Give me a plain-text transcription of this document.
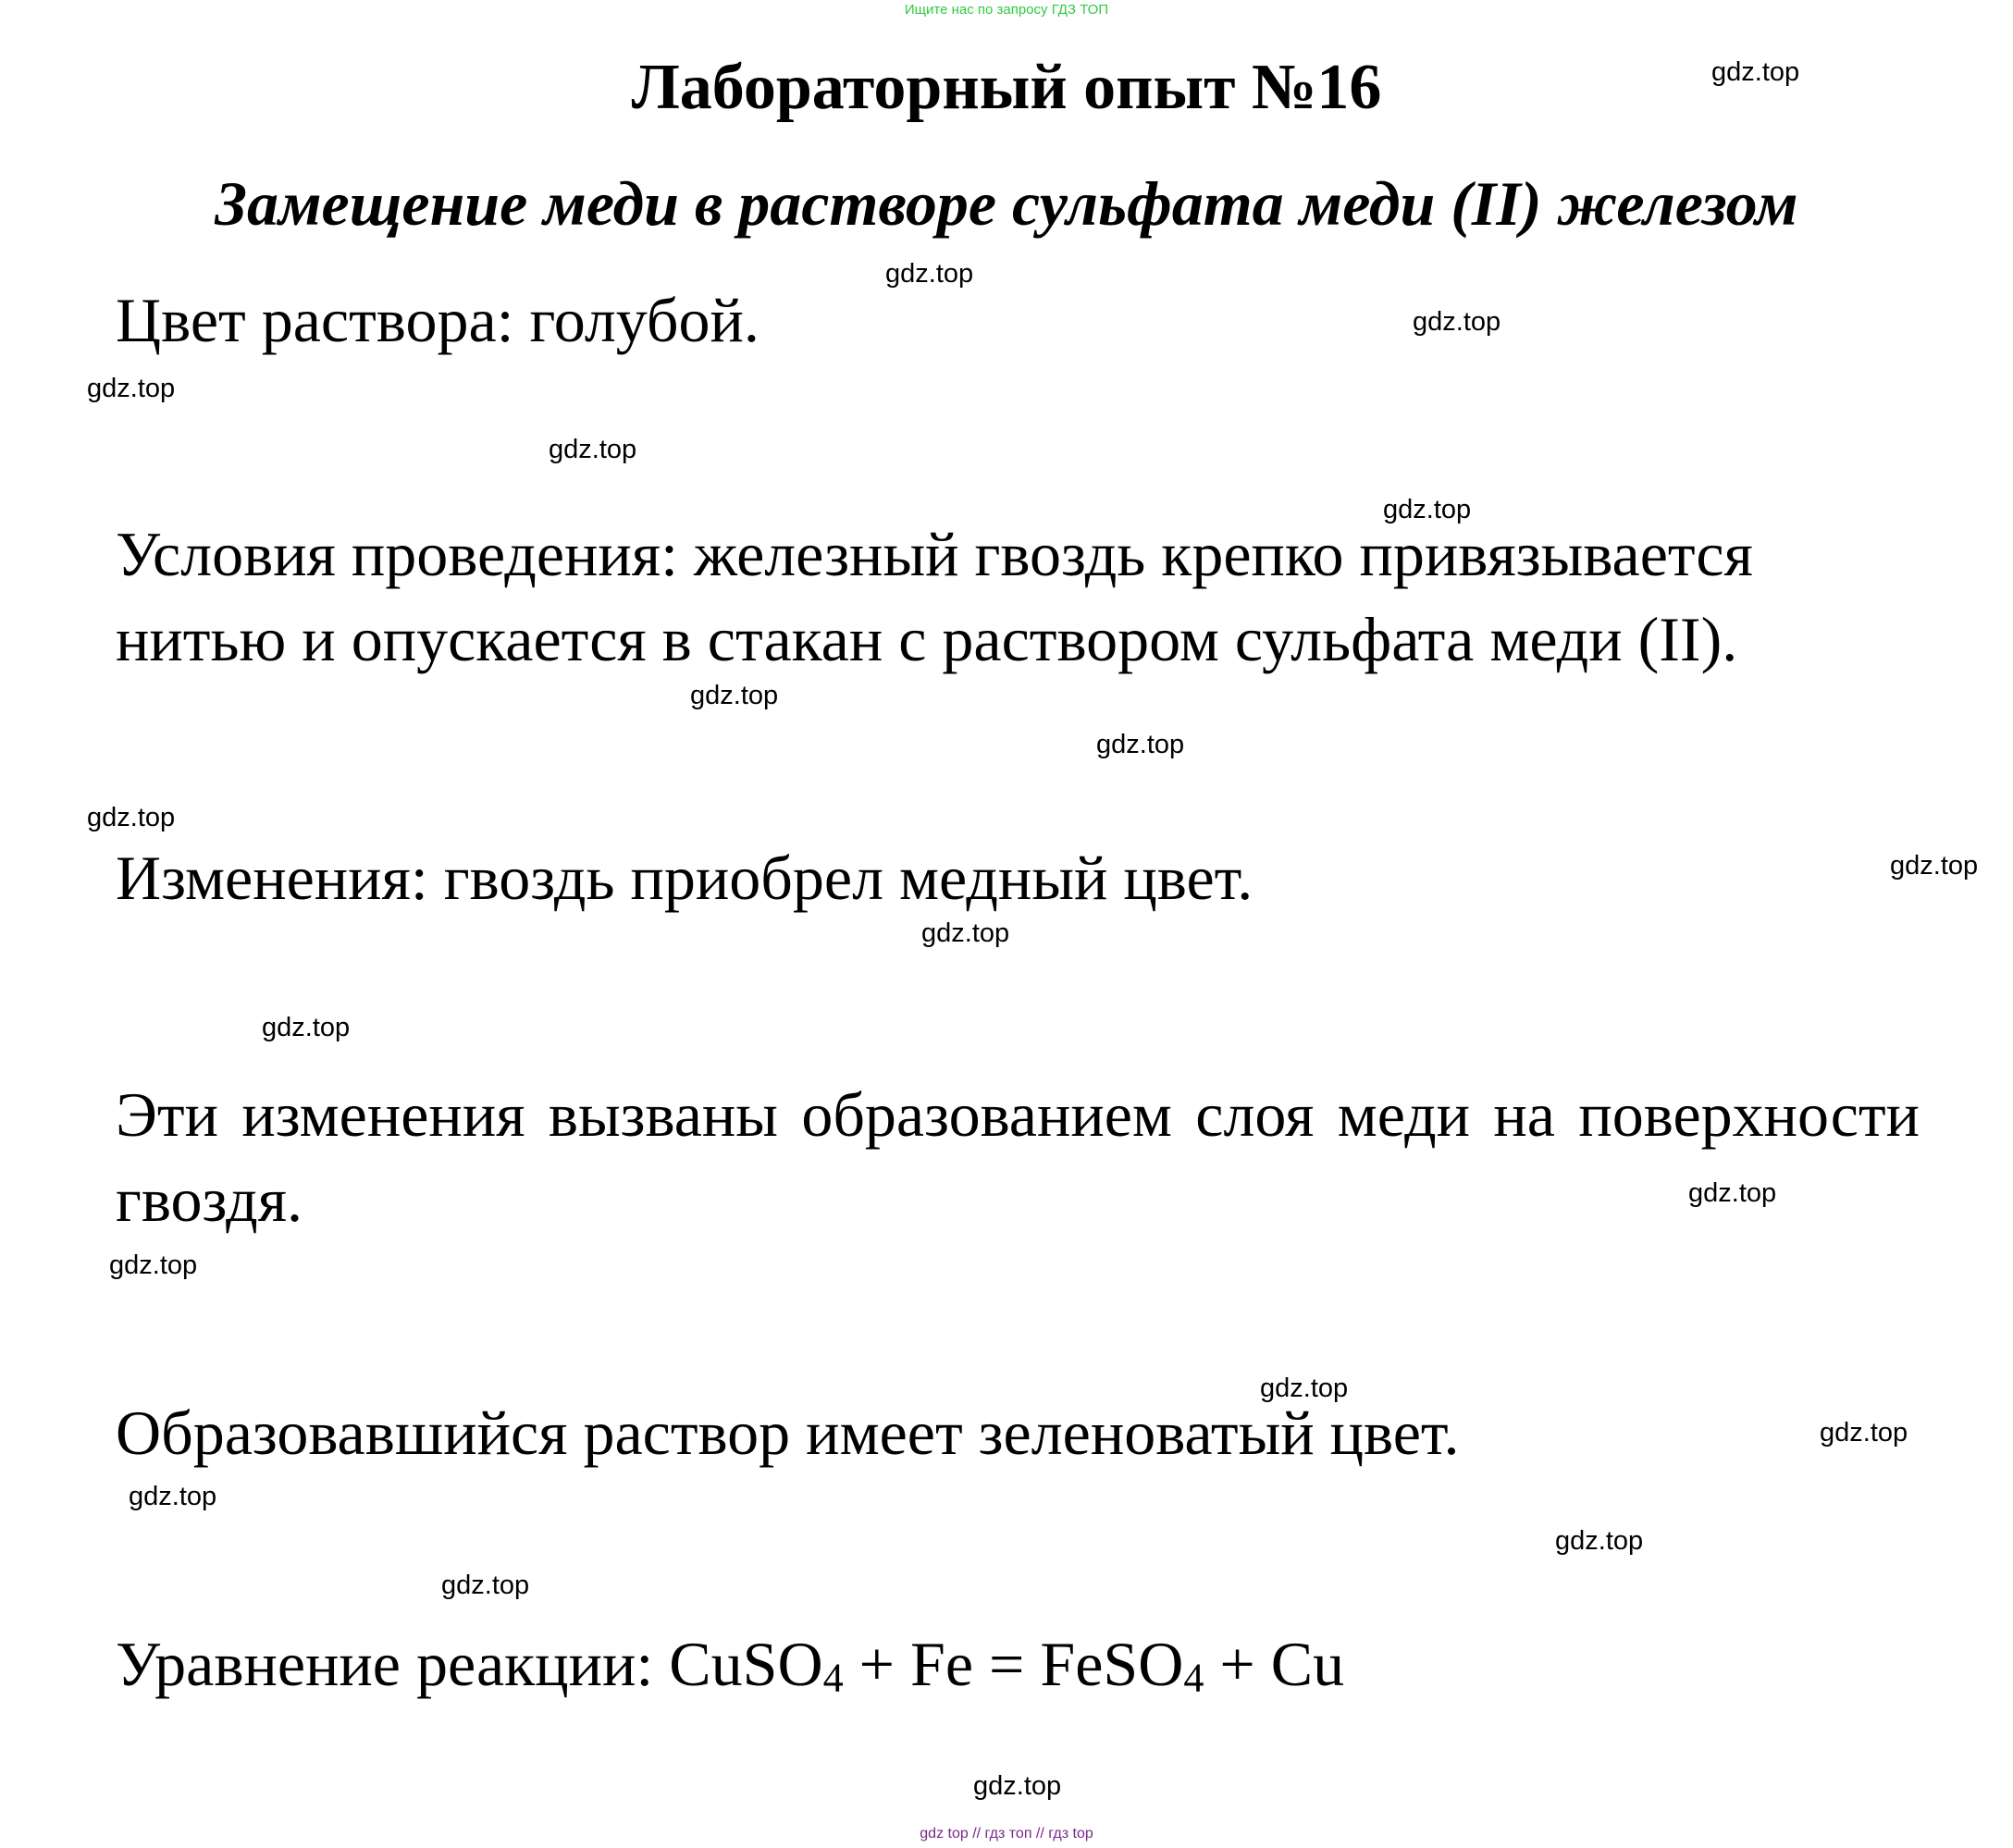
Ищите нас по запросу ГДЗ ТОП
Лабораторный опыт №16
Замещение меди в растворе сульфата меди (II) железом

Цвет раствора: голубой.

Условия проведения: железный гвоздь крепко привязывается нитью и опускается в стакан с раствором сульфата меди (II).

Изменения: гвоздь приобрел медный цвет.

Эти изменения вызваны образованием слоя меди на поверхности гвоздя.

Образовавшийся раствор имеет зеленоватый цвет.

Уравнение реакции: CuSO$_4$ + Fe = FeSO$_4$ + Cu

gdz.top
gdz.top
gdz.top
gdz.top
gdz.top
gdz.top
gdz.top
gdz.top
gdz.top
gdz.top
gdz.top
gdz.top
gdz.top
gdz.top
gdz.top
gdz.top
gdz.top
gdz.top
gdz.top
gdz.top
gdz top // гдз топ // гдз top
